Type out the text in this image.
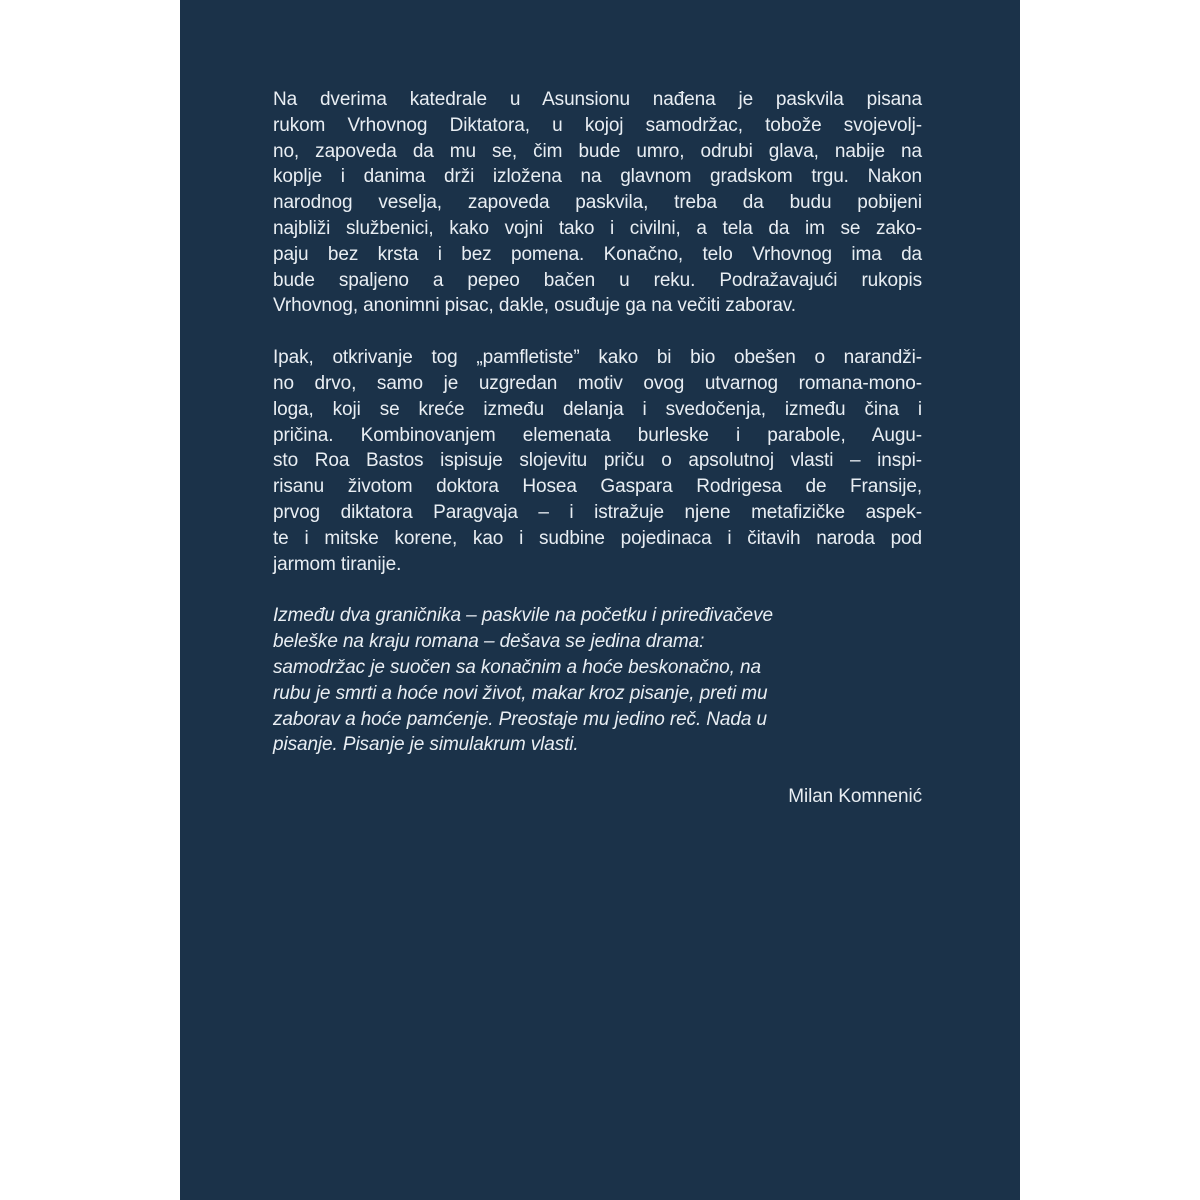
Na dverima katedrale u Asunsionu nađena je paskvila pisana
rukom Vrhovnog Diktatora, u kojoj samodržac, tobože svojevolj-
no, zapoveda da mu se, čim bude umro, odrubi glava, nabije na
koplje i danima drži izložena na glavnom gradskom trgu. Nakon
narodnog veselja, zapoveda paskvila, treba da budu pobijeni
najbliži službenici, kako vojni tako i civilni, a tela da im se zako-
paju bez krsta i bez pomena. Konačno, telo Vrhovnog ima da
bude spaljeno a pepeo bačen u reku. Podražavajući rukopis
Vrhovnog, anonimni pisac, dakle, osuđuje ga na večiti zaborav.

Ipak, otkrivanje tog „pamfletiste” kako bi bio obešen o narandži-
no drvo, samo je uzgredan motiv ovog utvarnog romana-mono-
loga, koji se kreće između delanja i svedočenja, između čina i
pričina. Kombinovanjem elemenata burleske i parabole, Augu-
sto Roa Bastos ispisuje slojevitu priču o apsolutnoj vlasti – inspi-
risanu životom doktora Hosea Gaspara Rodrigesa de Fransije,
prvog diktatora Paragvaja – i istražuje njene metafizičke aspek-
te i mitske korene, kao i sudbine pojedinaca i čitavih naroda pod
jarmom tiranije.

Između dva graničnika – paskvile na početku i priređivačeve
beleške na kraju romana – dešava se jedina drama:
samodržac je suočen sa konačnim a hoće beskonačno, na
rubu je smrti a hoće novi život, makar kroz pisanje, preti mu
zaborav a hoće pamćenje. Preostaje mu jedino reč. Nada u
pisanje. Pisanje je simulakrum vlasti.

Milan Komnenić
